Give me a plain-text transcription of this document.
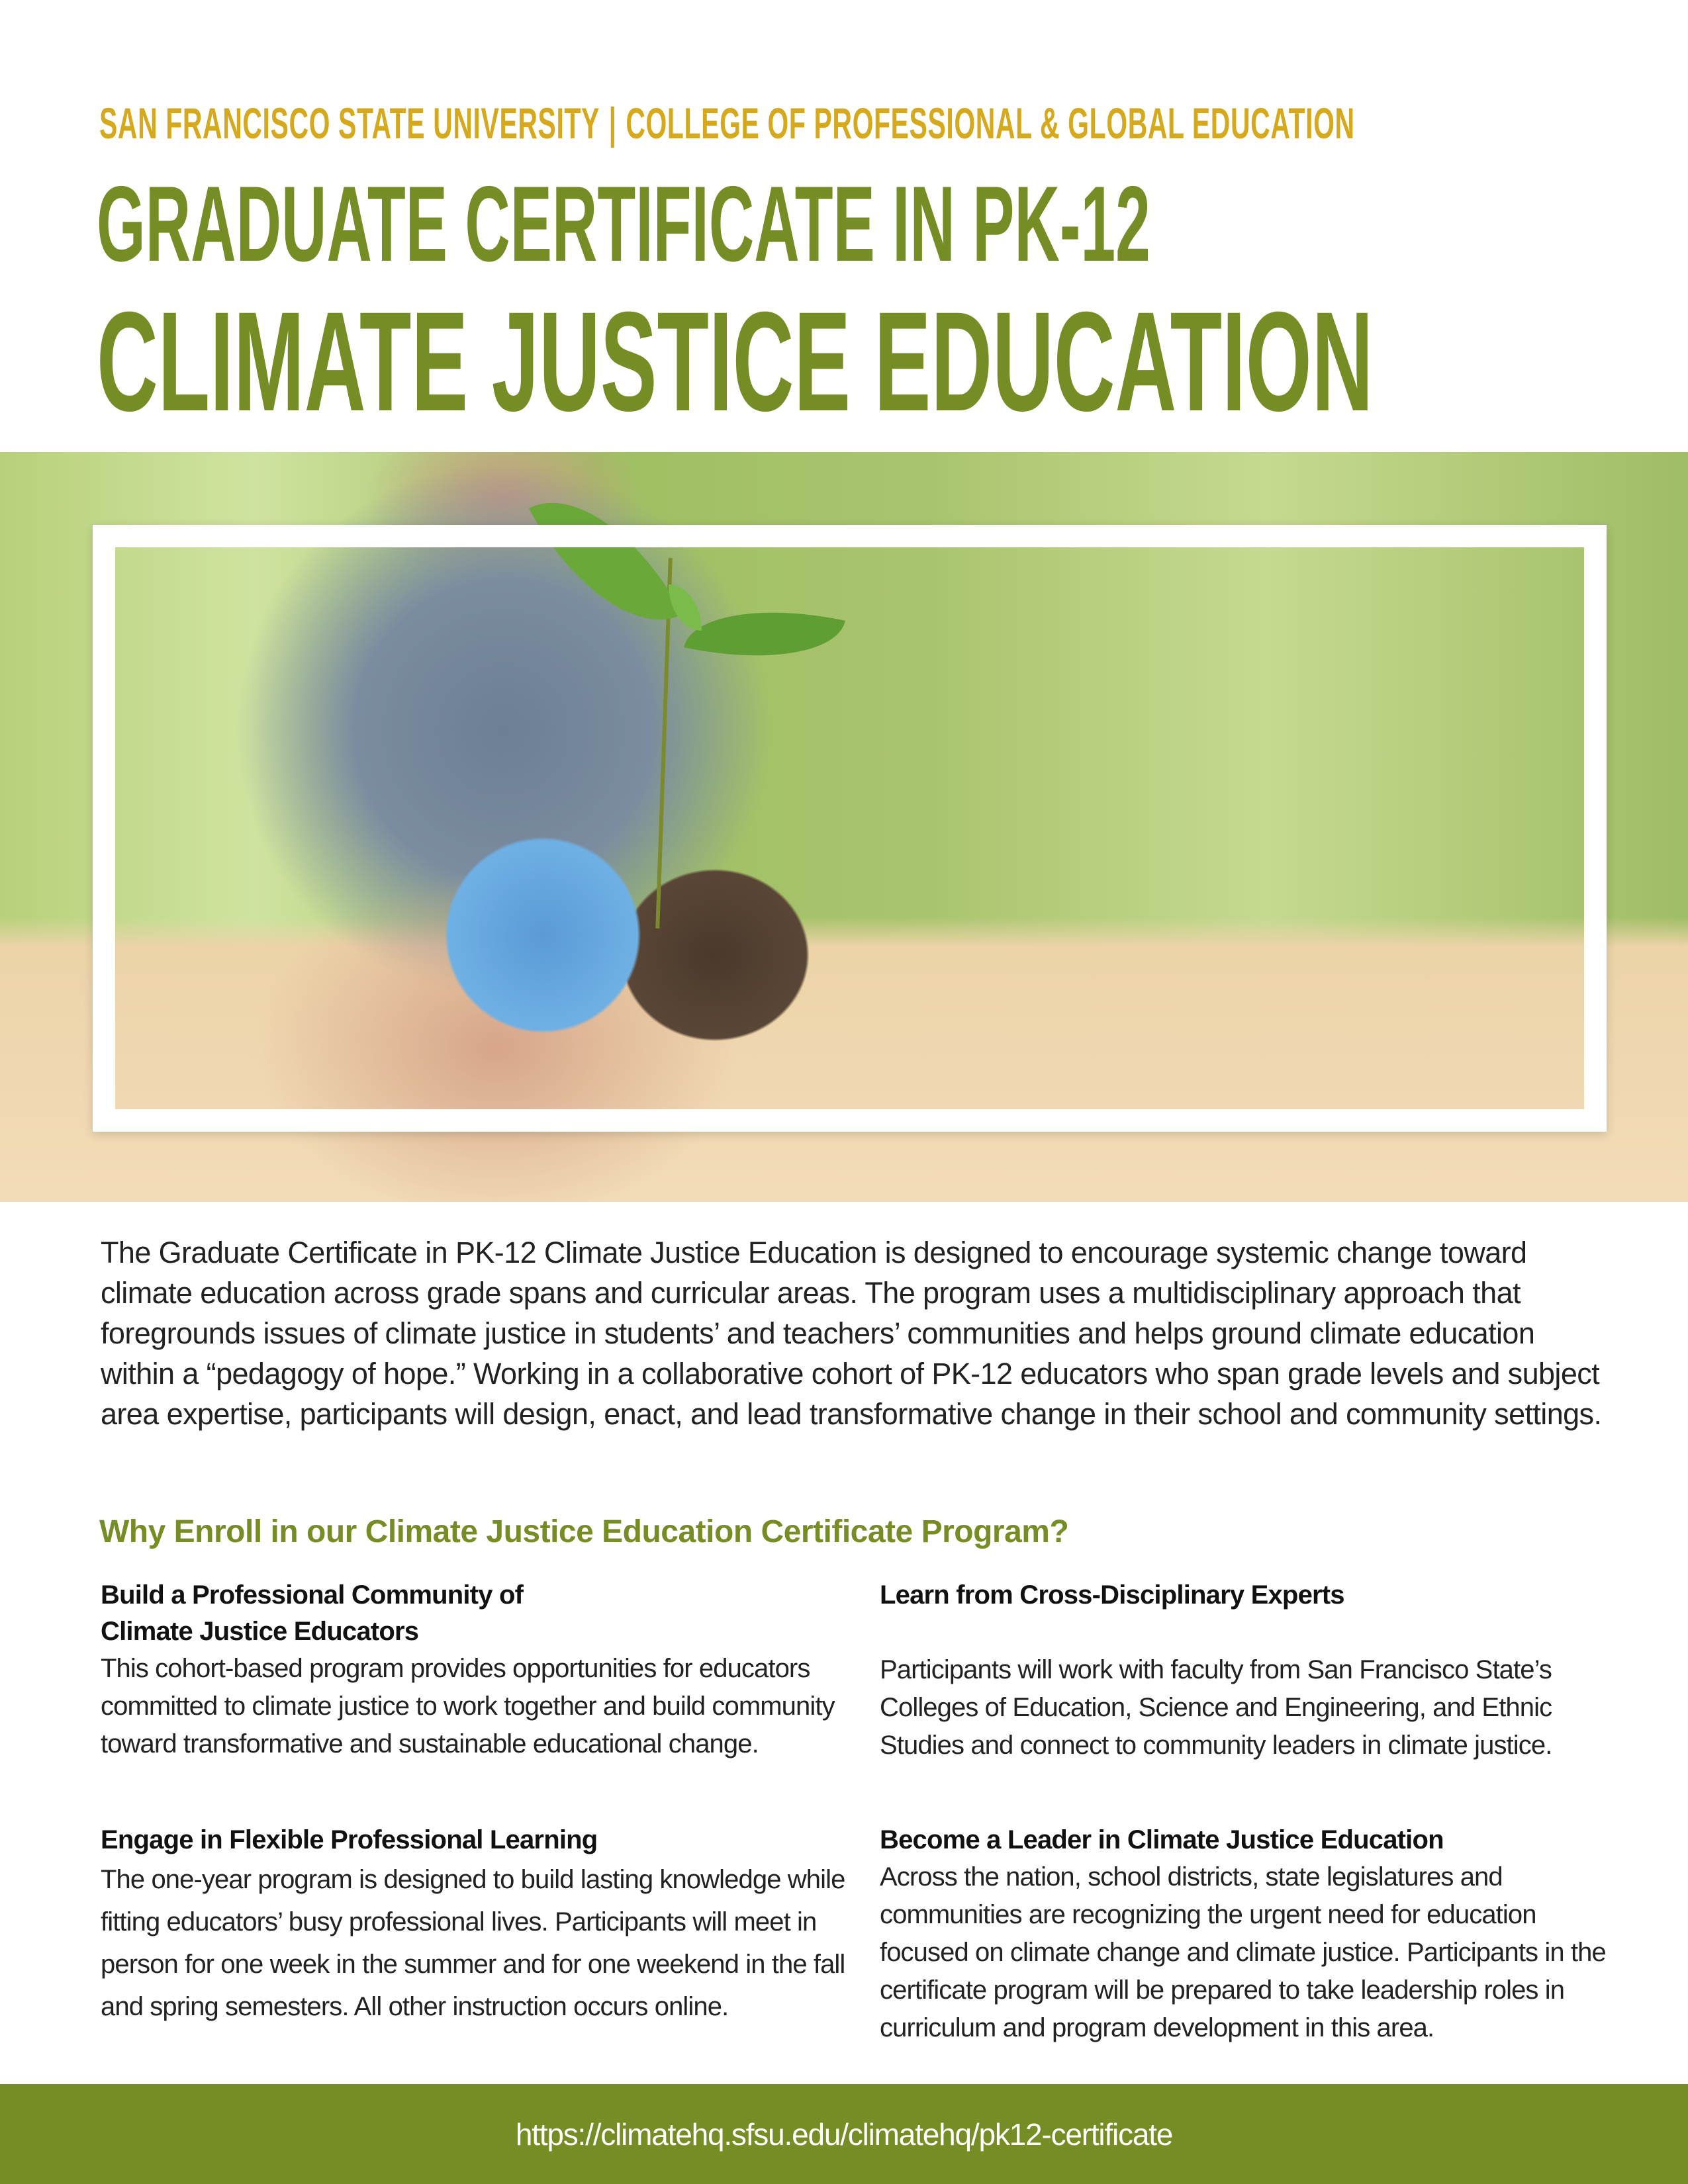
SAN FRANCISCO STATE UNIVERSITY | COLLEGE OF PROFESSIONAL & GLOBAL EDUCATION
GRADUATE CERTIFICATE IN PK-12
CLIMATE JUSTICE EDUCATION
The Graduate Certificate in PK-12 Climate Justice Education is designed to encourage systemic change toward climate education across grade spans and curricular areas. The program uses a multidisciplinary approach that foregrounds issues of climate justice in students’ and teachers’ communities and helps ground climate education within a “pedagogy of hope.” Working in a collaborative cohort of PK-12 educators who span grade levels and subject area expertise, participants will design, enact, and lead transformative change in their school and community settings.
Why Enroll in our Climate Justice Education Certificate Program?
Build a Professional Community of
Climate Justice Educators

This cohort-based program provides opportunities for educators committed to climate justice to work together and build community toward transformative and sustainable educational change.

Learn from Cross-Disciplinary Experts

Participants will work with faculty from San Francisco State’s Colleges of Education, Science and Engineering, and Ethnic Studies and connect to community leaders in climate justice.

Engage in Flexible Professional Learning

The one-year program is designed to build lasting knowledge while fitting educators’ busy professional lives. Participants will meet in person for one week in the summer and for one weekend in the fall and spring semesters. All other instruction occurs online.

Become a Leader in Climate Justice Education

Across the nation, school districts, state legislatures and communities are recognizing the urgent need for education focused on climate change and climate justice. Participants in the certificate program will be prepared to take leadership roles in curriculum and program development in this area.

https://climatehq.sfsu.edu/climatehq/pk12-certificate
